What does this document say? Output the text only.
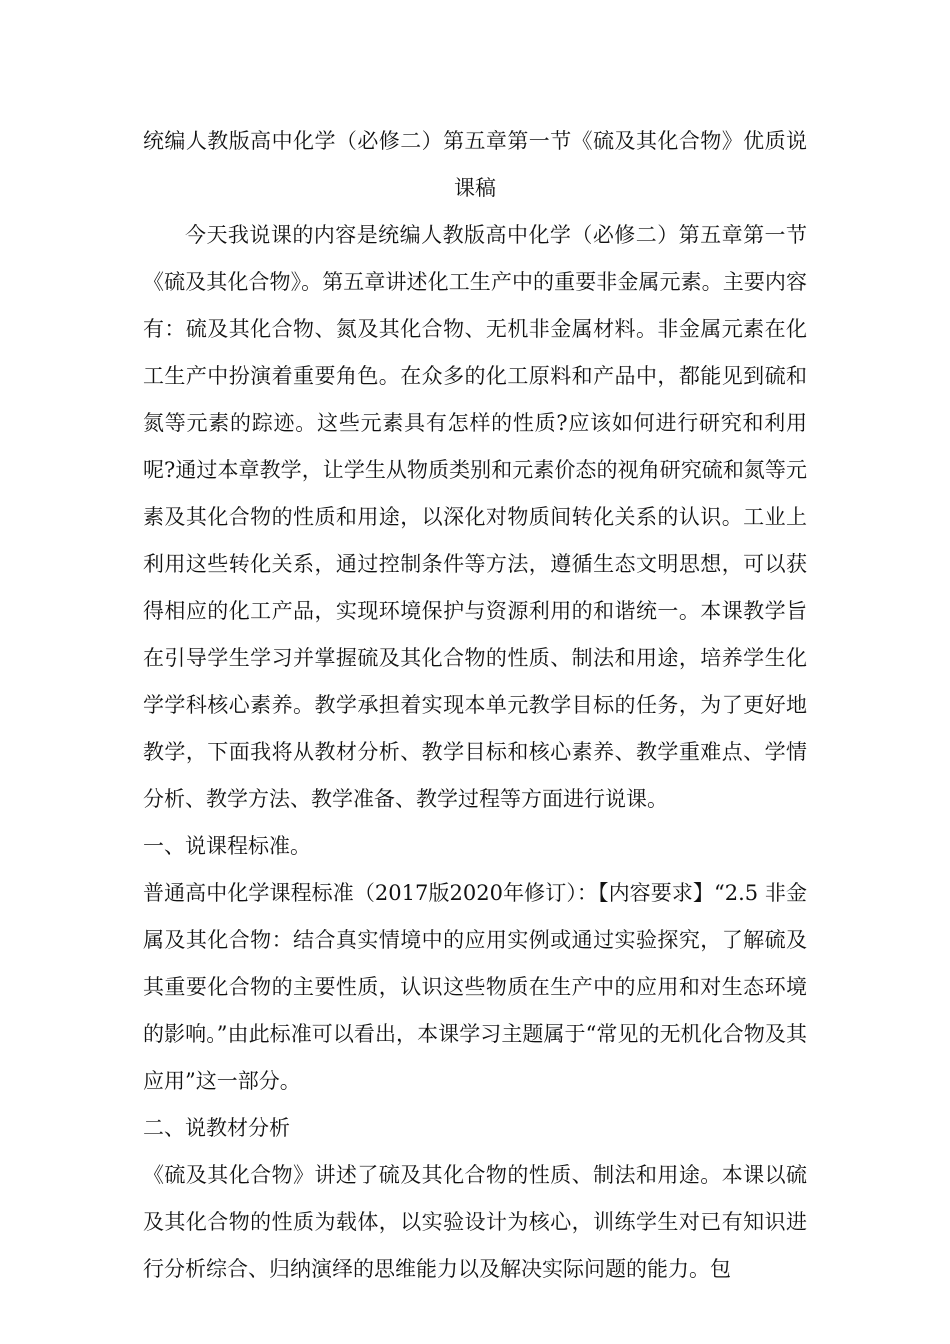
统编人教版高中化学（必修二）第五章第一节《硫及其化合物》优质说课稿

今天我说课的内容是统编人教版高中化学（必修二）第五章第一节《硫及其化合物》。第五章讲述化工生产中的重要非金属元素。主要内容有：硫及其化合物、氮及其化合物、无机非金属材料。非金属元素在化工生产中扮演着重要角色。在众多的化工原料和产品中，都能见到硫和氮等元素的踪迹。这些元素具有怎样的性质?应该如何进行研究和利用呢?通过本章教学，让学生从物质类别和元素价态的视角研究硫和氮等元素及其化合物的性质和用途，以深化对物质间转化关系的认识。工业上利用这些转化关系，通过控制条件等方法，遵循生态文明思想，可以获得相应的化工产品，实现环境保护与资源利用的和谐统一。本课教学旨在引导学生学习并掌握硫及其化合物的性质、制法和用途，培养学生化学学科核心素养。教学承担着实现本单元教学目标的任务，为了更好地教学，下面我将从教材分析、教学目标和核心素养、教学重难点、学情分析、教学方法、教学准备、教学过程等方面进行说课。

一、说课程标准。

普通高中化学课程标准（2017版2020年修订）：【内容要求】“2.5 非金属及其化合物：结合真实情境中的应用实例或通过实验探究，了解硫及其重要化合物的主要性质，认识这些物质在生产中的应用和对生态环境的影响。”由此标准可以看出，本课学习主题属于“常见的无机化合物及其应用”这一部分。

二、说教材分析

《硫及其化合物》讲述了硫及其化合物的性质、制法和用途。本课以硫及其化合物的性质为载体，以实验设计为核心，训练学生对已有知识进行分析综合、归纳演绎的思维能力以及解决实际问题的能力。包
